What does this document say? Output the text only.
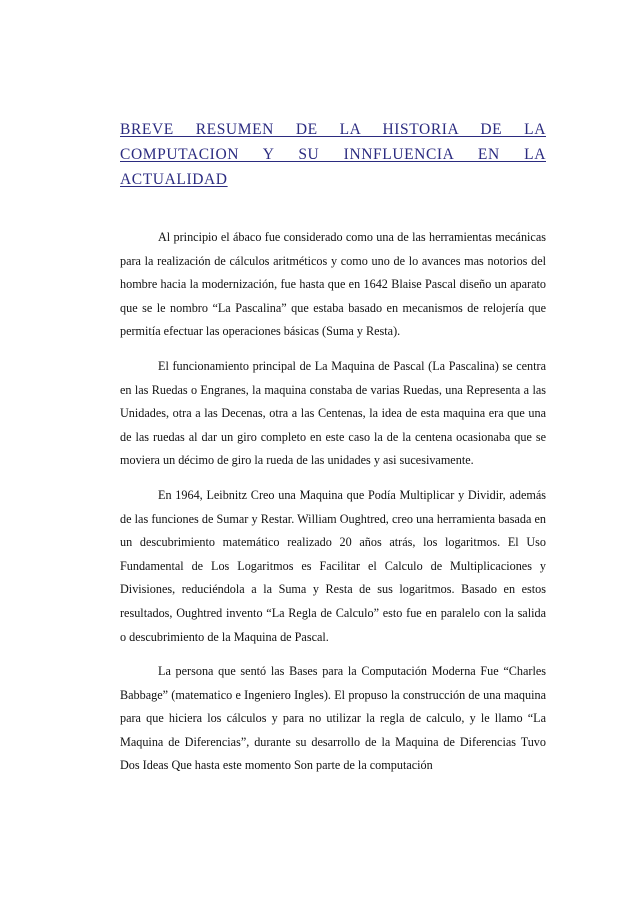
BREVE RESUMEN DE LA HISTORIA DE LA
COMPUTACION Y SU INNFLUENCIA EN LA
ACTUALIDAD

Al principio el ábaco fue considerado como una de las herramientas mecánicas para la realización de cálculos aritméticos y como uno de lo avances mas notorios del hombre hacia la modernización, fue hasta que en 1642 Blaise Pascal diseño un aparato que se le nombro “La Pascalina” que estaba basado en mecanismos de relojería que permitía efectuar las operaciones básicas (Suma y Resta).

El funcionamiento principal de La Maquina de Pascal (La Pascalina) se centra en las Ruedas o Engranes, la maquina constaba de varias Ruedas, una Representa a las Unidades, otra a las Decenas, otra a las Centenas, la idea de esta maquina era que una de las ruedas al dar un giro completo en este caso la de la centena ocasionaba que se moviera un décimo de giro la rueda de las unidades y asi sucesivamente.

En 1964, Leibnitz Creo una Maquina que Podía Multiplicar y Dividir, además de las funciones de Sumar y Restar. William Oughtred, creo una herramienta basada en un descubrimiento matemático realizado 20 años atrás, los logaritmos. El Uso Fundamental de Los Logaritmos es Facilitar el Calculo de Multiplicaciones y Divisiones, reduciéndola a la Suma y Resta de sus logaritmos. Basado en estos resultados, Oughtred invento “La Regla de Calculo” esto fue en paralelo con la salida o descubrimiento de la Maquina de Pascal.

La persona que sentó las Bases para la Computación Moderna Fue “Charles Babbage” (matematico e Ingeniero Ingles). El propuso la construcción de una maquina para que hiciera los cálculos y para no utilizar la regla de calculo, y le llamo “La Maquina de Diferencias”, durante su desarrollo de la Maquina de Diferencias Tuvo Dos Ideas Que hasta este momento Son parte de la computación
